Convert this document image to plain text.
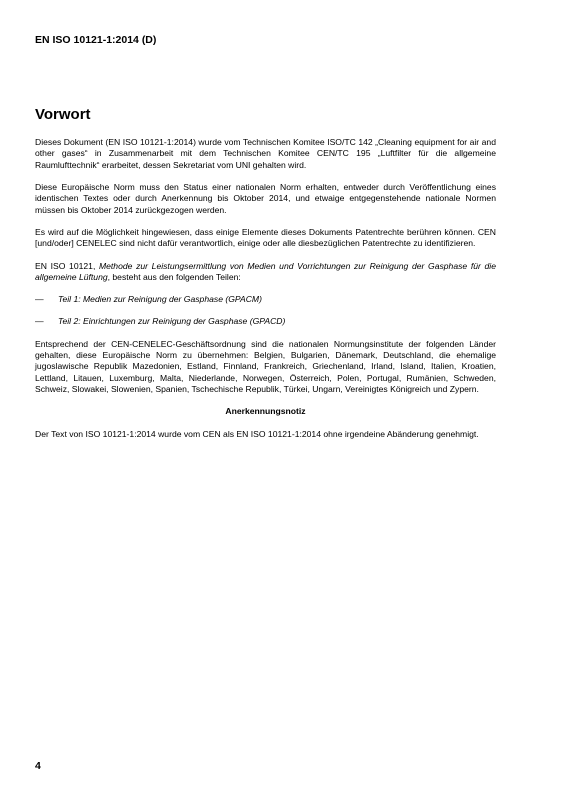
EN ISO 10121-1:2014 (D)
Vorwort

Dieses Dokument (EN ISO 10121-1:2014) wurde vom Technischen Komitee ISO/TC 142 „Cleaning equipment for air and other gases“ in Zusammenarbeit mit dem Technischen Komitee CEN/TC 195 „Luftfilter für die allgemeine Raumlufttechnik“ erarbeitet, dessen Sekretariat vom UNI gehalten wird.

Diese Europäische Norm muss den Status einer nationalen Norm erhalten, entweder durch Veröffentlichung eines identischen Textes oder durch Anerkennung bis Oktober 2014, und etwaige entgegenstehende nationale Normen müssen bis Oktober 2014 zurückgezogen werden.

Es wird auf die Möglichkeit hingewiesen, dass einige Elemente dieses Dokuments Patentrechte berühren können. CEN [und/oder] CENELEC sind nicht dafür verantwortlich, einige oder alle diesbezüglichen Patentrechte zu identifizieren.

EN ISO 10121, Methode zur Leistungsermittlung von Medien und Vorrichtungen zur Reinigung der Gasphase für die allgemeine Lüftung, besteht aus den folgenden Teilen:

—	Teil 1: Medien zur Reinigung der Gasphase (GPACM)

—	Teil 2: Einrichtungen zur Reinigung der Gasphase (GPACD)

Entsprechend der CEN-CENELEC-Geschäftsordnung sind die nationalen Normungsinstitute der folgenden Länder gehalten, diese Europäische Norm zu übernehmen: Belgien, Bulgarien, Dänemark, Deutschland, die ehemalige jugoslawische Republik Mazedonien, Estland, Finnland, Frankreich, Griechenland, Irland, Island, Italien, Kroatien, Lettland, Litauen, Luxemburg, Malta, Niederlande, Norwegen, Österreich, Polen, Portugal, Rumänien, Schweden, Schweiz, Slowakei, Slowenien, Spanien, Tschechische Republik, Türkei, Ungarn, Vereinigtes Königreich und Zypern.

Anerkennungsnotiz

Der Text von ISO 10121-1:2014 wurde vom CEN als EN ISO 10121-1:2014 ohne irgendeine Abänderung genehmigt.

4
